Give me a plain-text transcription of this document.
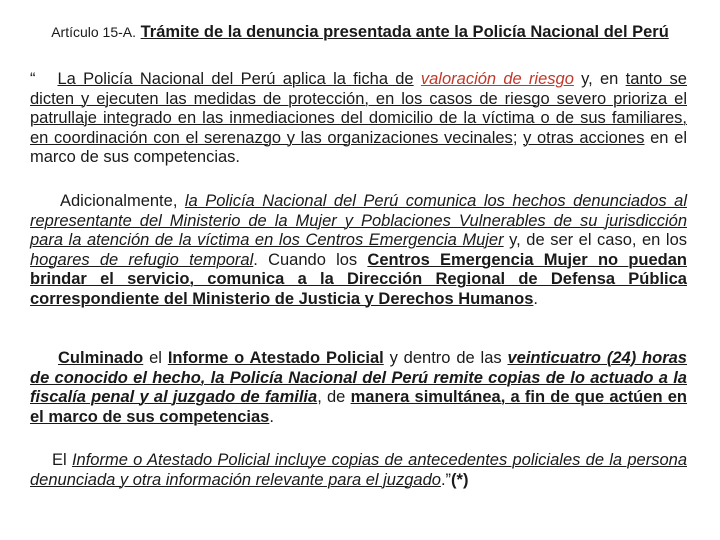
Artículo 15-A. Trámite de la denuncia presentada ante la Policía Nacional del Perú
“ La Policía Nacional del Perú aplica la ficha de valoración de riesgo y, en tanto se dicten y ejecuten las medidas de protección, en los casos de riesgo severo prioriza el patrullaje integrado en las inmediaciones del domicilio de la víctima o de sus familiares, en coordinación con el serenazgo y las organizaciones vecinales; y otras acciones en el marco de sus competencias.
Adicionalmente, la Policía Nacional del Perú comunica los hechos denunciados al representante del Ministerio de la Mujer y Poblaciones Vulnerables de su jurisdicción para la atención de la víctima en los Centros Emergencia Mujer y, de ser el caso, en los hogares de refugio temporal. Cuando los Centros Emergencia Mujer no puedan brindar el servicio, comunica a la Dirección Regional de Defensa Pública correspondiente del Ministerio de Justicia y Derechos Humanos.
Culminado el Informe o Atestado Policial y dentro de las veinticuatro (24) horas de conocido el hecho, la Policía Nacional del Perú remite copias de lo actuado a la fiscalía penal y al juzgado de familia, de manera simultánea, a fin de que actúen en el marco de sus competencias.
El Informe o Atestado Policial incluye copias de antecedentes policiales de la persona denunciada y otra información relevante para el juzgado.”(*)
